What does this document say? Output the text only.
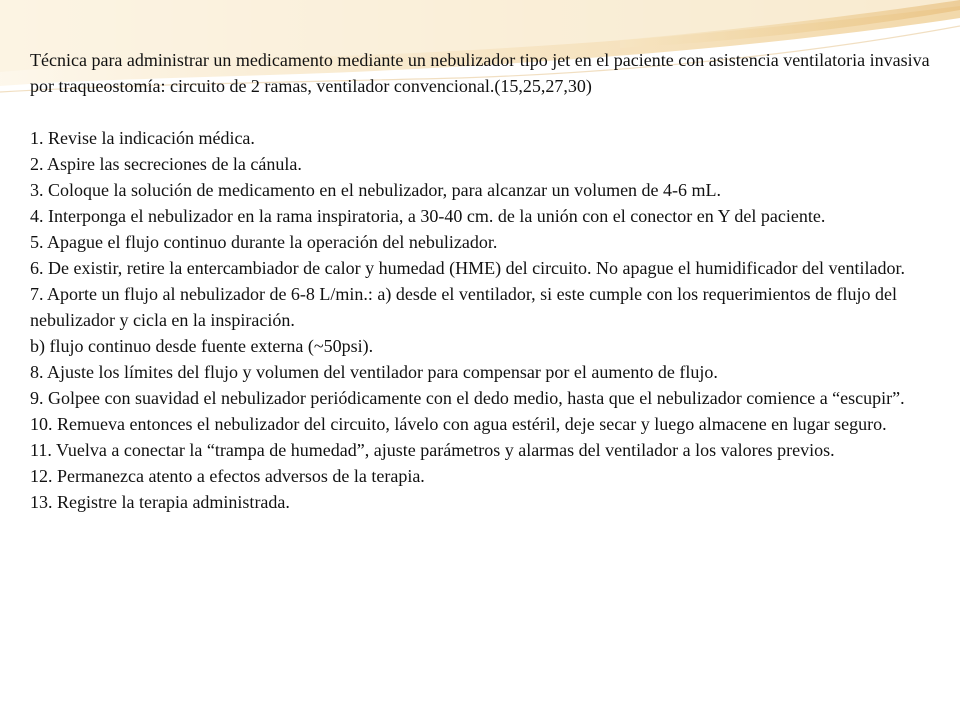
Técnica para administrar un medicamento mediante un nebulizador tipo jet en el paciente con asistencia ventilatoria invasiva por traqueostomía: circuito de 2 ramas, ventilador convencional.(15,25,27,30)

1. Revise la indicación médica.

2. Aspire las secreciones de la cánula.

3. Coloque la solución de medicamento en el nebulizador, para alcanzar un volumen de 4-6 mL.

4. Interponga el nebulizador en la rama inspiratoria, a 30-40 cm. de la unión con el conector en Y del paciente.

5. Apague el flujo continuo durante la operación del nebulizador.

6. De existir, retire la entercambiador de calor y humedad (HME) del circuito. No apague el humidificador del ventilador.

7. Aporte un flujo al nebulizador de 6-8 L/min.: a) desde el ventilador, si este cumple con los requerimientos de flujo del nebulizador y cicla en la inspiración.

b) flujo continuo desde fuente externa (~50psi).

8. Ajuste los límites del flujo y volumen del ventilador para compensar por el aumento de flujo.

9. Golpee con suavidad el nebulizador periódicamente con el dedo medio, hasta que el nebulizador comience a “escupir”.

10. Remueva entonces el nebulizador del circuito, lávelo con agua estéril, deje secar y luego almacene en lugar seguro.

11. Vuelva a conectar la “trampa de humedad”, ajuste parámetros y alarmas del ventilador a los valores previos.

12. Permanezca atento a efectos adversos de la terapia.

13. Registre la terapia administrada.
